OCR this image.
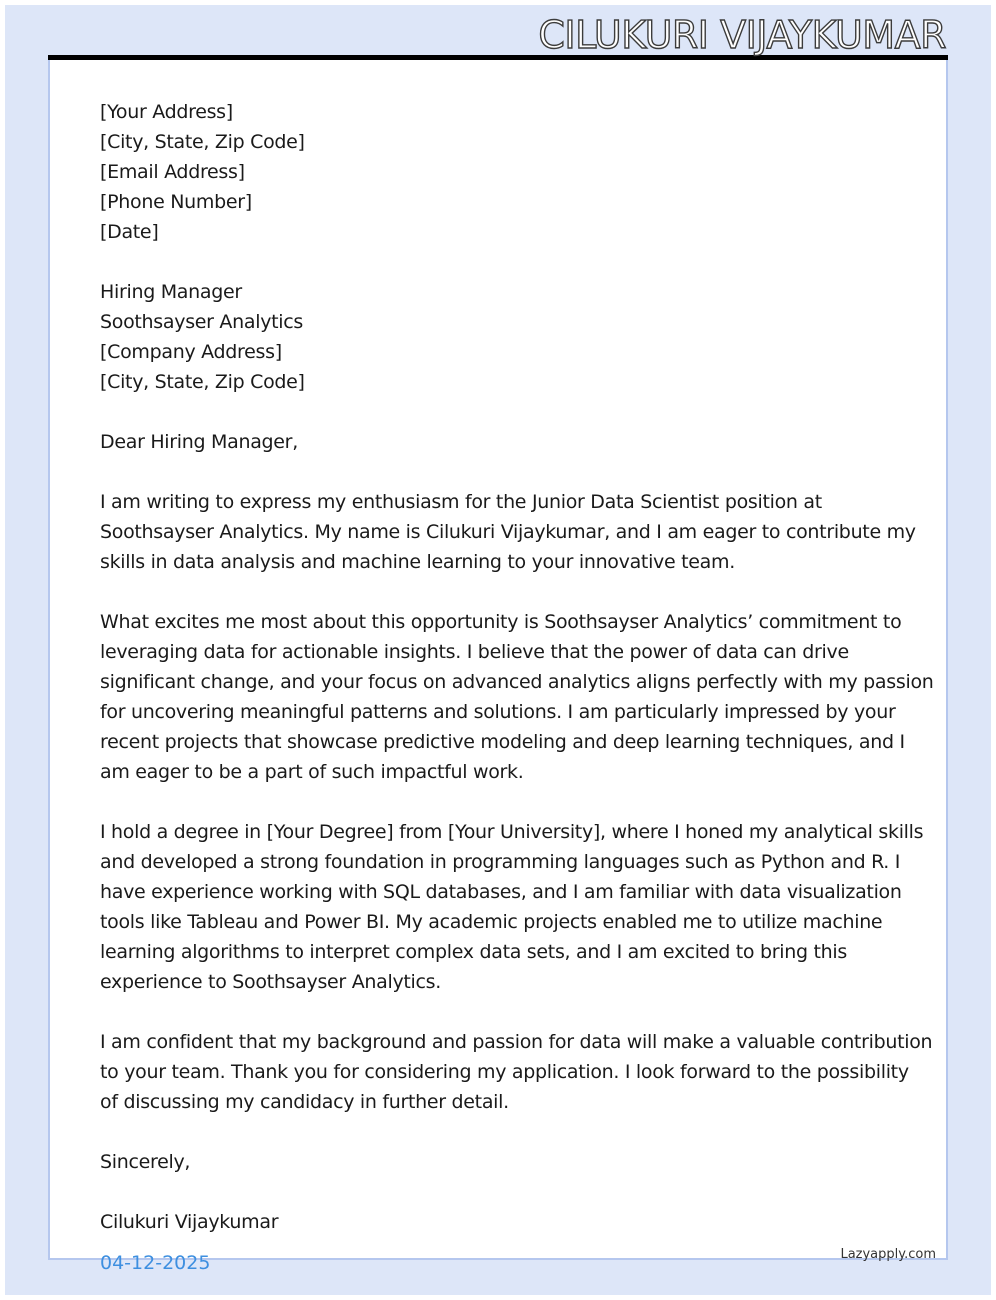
CILUKURI VIJAYKUMAR
[Your Address]
[City, State, Zip Code]
[Email Address]
[Phone Number]
[Date]
Hiring Manager
Soothsayser Analytics
[Company Address]
[City, State, Zip Code]
Dear Hiring Manager,
I am writing to express my enthusiasm for the Junior Data Scientist position at
Soothsayser Analytics. My name is Cilukuri Vijaykumar, and I am eager to contribute my
skills in data analysis and machine learning to your innovative team.
What excites me most about this opportunity is Soothsayser Analytics’ commitment to
leveraging data for actionable insights. I believe that the power of data can drive
significant change, and your focus on advanced analytics aligns perfectly with my passion
for uncovering meaningful patterns and solutions. I am particularly impressed by your
recent projects that showcase predictive modeling and deep learning techniques, and I
am eager to be a part of such impactful work.
I hold a degree in [Your Degree] from [Your University], where I honed my analytical skills
and developed a strong foundation in programming languages such as Python and R. I
have experience working with SQL databases, and I am familiar with data visualization
tools like Tableau and Power BI. My academic projects enabled me to utilize machine
learning algorithms to interpret complex data sets, and I am excited to bring this
experience to Soothsayser Analytics.
I am confident that my background and passion for data will make a valuable contribution
to your team. Thank you for considering my application. I look forward to the possibility
of discussing my candidacy in further detail.
Sincerely,
Cilukuri Vijaykumar
04-12-2025	Lazyapply.com
